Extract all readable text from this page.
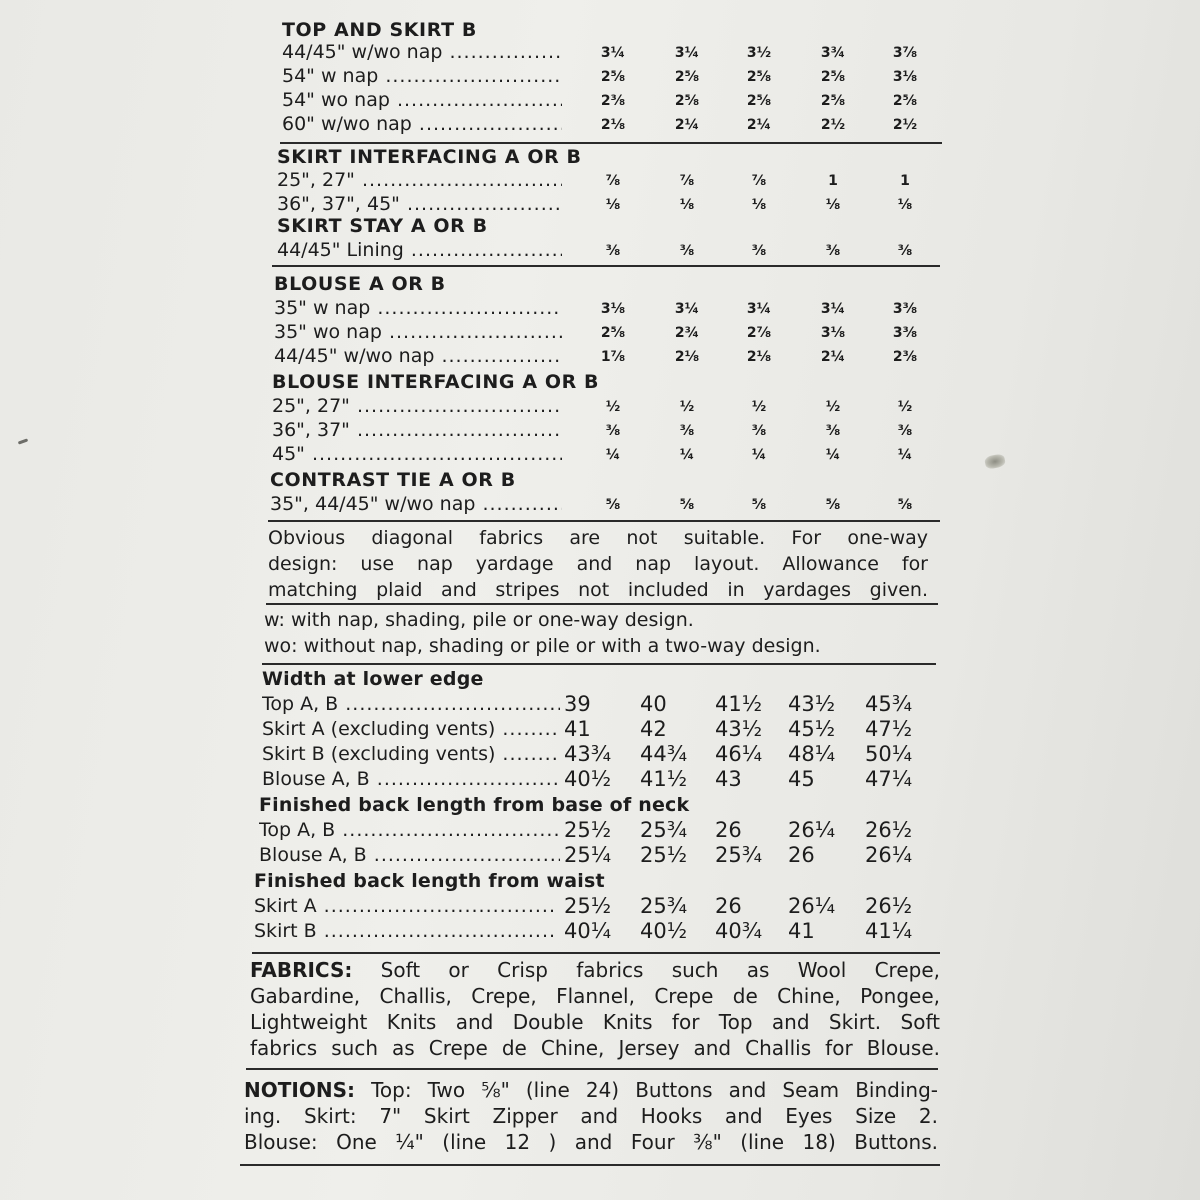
TOP AND SKIRT B
44/45" w/wo nap .....	3¼	3¼	3½	3¾	3⅞
54" w nap .....	2⅝	2⅝	2⅝	2⅝	3⅛
54" wo nap .....	2⅜	2⅝	2⅝	2⅝	2⅝
60" w/wo nap .....	2⅛	2¼	2¼	2½	2½
SKIRT INTERFACING A OR B
25", 27" .....	⅞	⅞	⅞	1	1
36", 37", 45" .....	⅛	⅛	⅛	⅛	⅛
SKIRT STAY A OR B
44/45" Lining .....	⅜	⅜	⅜	⅜	⅜
BLOUSE A OR B
35" w nap .....	3⅛	3¼	3¼	3¼	3⅜
35" wo nap .....	2⅝	2¾	2⅞	3⅛	3⅜
44/45" w/wo nap .....	1⅞	2⅛	2⅛	2¼	2⅜
BLOUSE INTERFACING A OR B
25", 27" .....	½	½	½	½	½
36", 37" .....	⅜	⅜	⅜	⅜	⅜
45" .....	¼	¼	¼	¼	¼
CONTRAST TIE A OR B
35", 44/45" w/wo nap .....	⅝	⅝	⅝	⅝	⅝
Obvious diagonal fabrics are not suitable. For one-way
design: use nap yardage and nap layout. Allowance for
matching plaid and stripes not included in yardages given.
w: with nap, shading, pile or one-way design.
wo: without nap, shading or pile or with a two-way design.
Width at lower edge
Top A, B .....	39	40	41½	43½	45¾
Skirt A (excluding vents) .....	41	42	43½	45½	47½
Skirt B (excluding vents) .....	43¾	44¾	46¼	48¼	50¼
Blouse A, B .....	40½	41½	43	45	47¼
Finished back length from base of neck
Top A, B .....	25½	25¾	26	26¼	26½
Blouse A, B .....	25¼	25½	25¾	26	26¼
Finished back length from waist
Skirt A .....	25½	25¾	26	26¼	26½
Skirt B .....	40¼	40½	40¾	41	41¼
FABRICS: Soft or Crisp fabrics such as Wool Crepe,
Gabardine, Challis, Crepe, Flannel, Crepe de Chine, Pongee,
Lightweight Knits and Double Knits for Top and Skirt. Soft
fabrics such as Crepe de Chine, Jersey and Challis for Blouse.
NOTIONS: Top: Two ⅝" (line 24) Buttons and Seam Binding-
ing. Skirt: 7" Skirt Zipper and Hooks and Eyes Size 2.
Blouse: One ¼" (line 12 ) and Four ⅜" (line 18) Buttons.
